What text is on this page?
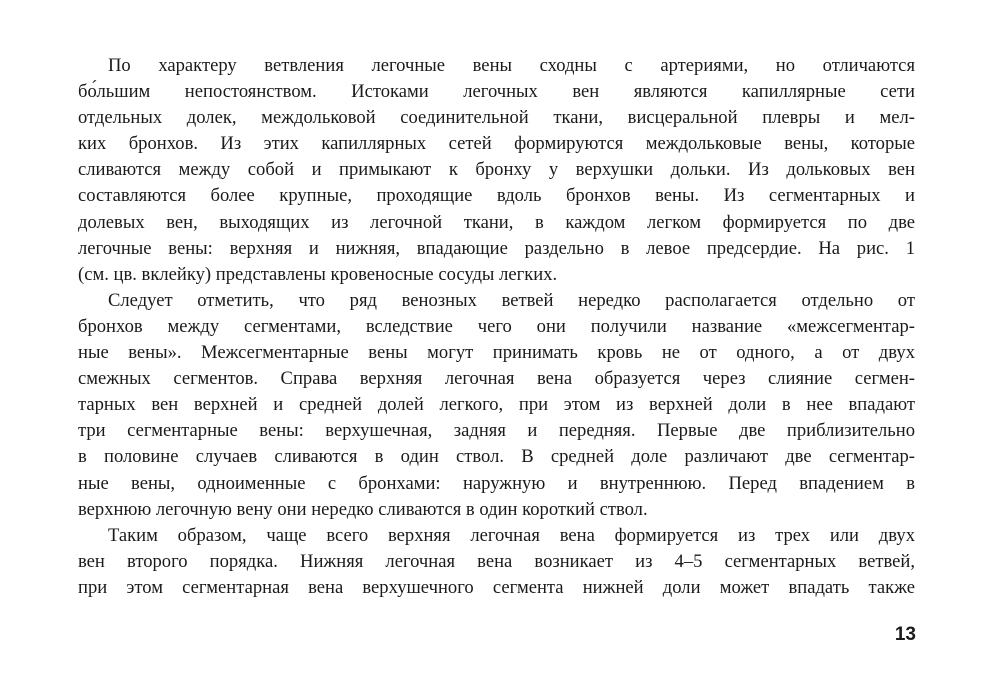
По характеру ветвления легочные вены сходны с артериями, но отличаются
бо́льшим непостоянством. Истоками легочных вен являются капиллярные сети
отдельных долек, междольковой соединительной ткани, висцеральной плевры и мел-
ких бронхов. Из этих капиллярных сетей формируются междольковые вены, которые
сливаются между собой и примыкают к бронху у верхушки дольки. Из дольковых вен
составляются более крупные, проходящие вдоль бронхов вены. Из сегментарных и
долевых вен, выходящих из легочной ткани, в каждом легком формируется по две
легочные вены: верхняя и нижняя, впадающие раздельно в левое предсердие. На рис. 1
(см. цв. вклейку) представлены кровеносные сосуды легких.
Следует отметить, что ряд венозных ветвей нередко располагается отдельно от
бронхов между сегментами, вследствие чего они получили название «межсегментар-
ные вены». Межсегментарные вены могут принимать кровь не от одного, а от двух
смежных сегментов. Справа верхняя легочная вена образуется через слияние сегмен-
тарных вен верхней и средней долей легкого, при этом из верхней доли в нее впадают
три сегментарные вены: верхушечная, задняя и передняя. Первые две приблизительно
в половине случаев сливаются в один ствол. В средней доле различают две сегментар-
ные вены, одноименные с бронхами: наружную и внутреннюю. Перед впадением в
верхнюю легочную вену они нередко сливаются в один короткий ствол.
Таким образом, чаще всего верхняя легочная вена формируется из трех или двух
вен второго порядка. Нижняя легочная вена возникает из 4–5 сегментарных ветвей,
при этом сегментарная вена верхушечного сегмента нижней доли может впадать также
13
